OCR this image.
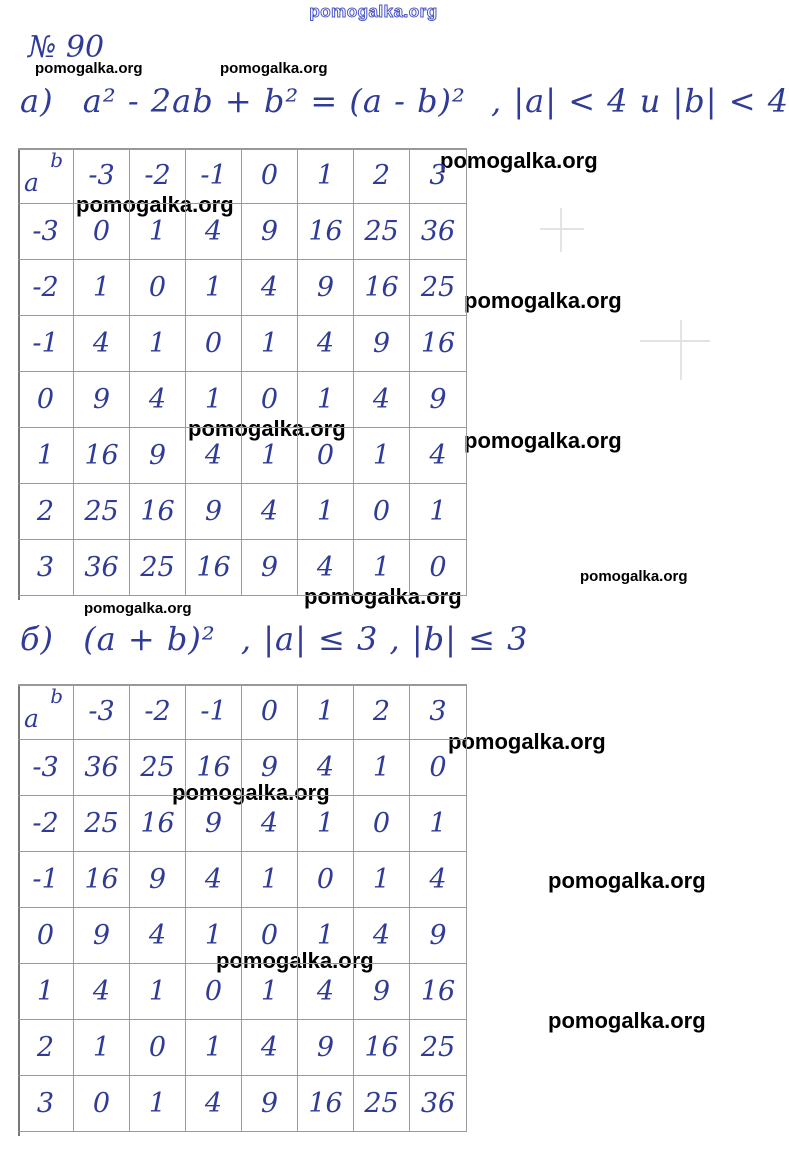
pomogalka.org
№ 90
pomogalka.org	pomogalka.org
pomogalka.org
pomogalka.org
pomogalka.org
pomogalka.org	pomogalka.org
pomogalka.org
pomogalka.org
pomogalka.org
pomogalka.org
pomogalka.org
pomogalka.org
pomogalka.org
pomogalka.org
а) a² - 2ab + b² = (a - b)² , |a| < 4 и |b| < 4
a
b -3	-2	-1	0	1	2	3
-3	0	1	4	9	16 25 36
-2	1	0	1	4	9	16 25
-1	4	1	0	1	4	9	16
0	9	4	1	0	1	4	9
1	16	9	4	1	0	1	4
2	25 16	9	4	1	0	1
3	36 25 16	9	4	1	0
б) (a + b)² , |a| ≤ 3 , |b| ≤ 3
a
b -3	-2	-1	0	1	2	3
-3 36 25 16	9	4	1	0
-2 25 16	9	4	1	0	1
-1 16	9	4	1	0	1	4
0	9	4	1	0	1	4	9
1	4	1	0	1	4	9	16
2	1	0	1	4	9	16 25
3	0	1	4	9	16 25 36
